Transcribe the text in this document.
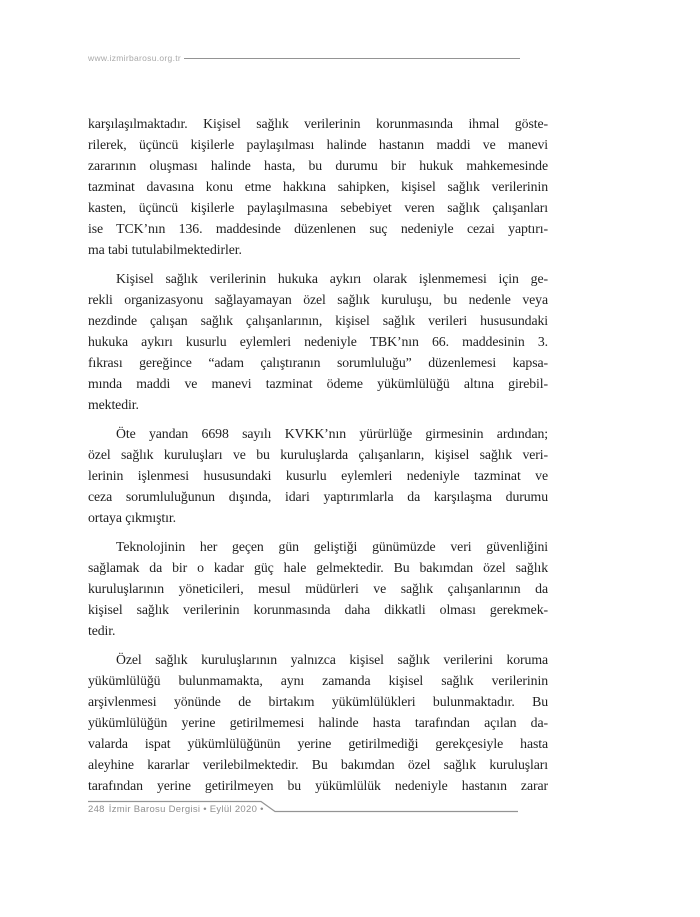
www.izmirbarosu.org.tr
karşılaşılmaktadır. Kişisel sağlık verilerinin korunmasında ihmal göste-
rilerek, üçüncü kişilerle paylaşılması halinde hastanın maddi ve manevi
zararının oluşması halinde hasta, bu durumu bir hukuk mahkemesinde
tazminat davasına konu etme hakkına sahipken, kişisel sağlık verilerinin
kasten, üçüncü kişilerle paylaşılmasına sebebiyet veren sağlık çalışanları
ise TCK’nın 136. maddesinde düzenlenen suç nedeniyle cezai yaptırı-
ma tabi tutulabilmektedirler.
Kişisel sağlık verilerinin hukuka aykırı olarak işlenmemesi için ge-
rekli organizasyonu sağlayamayan özel sağlık kuruluşu, bu nedenle veya
nezdinde çalışan sağlık çalışanlarının, kişisel sağlık verileri hususundaki
hukuka aykırı kusurlu eylemleri nedeniyle TBK’nın 66. maddesinin 3.
fıkrası gereğince “adam çalıştıranın sorumluluğu” düzenlemesi kapsa-
mında maddi ve manevi tazminat ödeme yükümlülüğü altına girebil-
mektedir.
Öte yandan 6698 sayılı KVKK’nın yürürlüğe girmesinin ardından;
özel sağlık kuruluşları ve bu kuruluşlarda çalışanların, kişisel sağlık veri-
lerinin işlenmesi hususundaki kusurlu eylemleri nedeniyle tazminat ve
ceza sorumluluğunun dışında, idari yaptırımlarla da karşılaşma durumu
ortaya çıkmıştır.
Teknolojinin her geçen gün geliştiği günümüzde veri güvenliğini
sağlamak da bir o kadar güç hale gelmektedir. Bu bakımdan özel sağlık
kuruluşlarının yöneticileri, mesul müdürleri ve sağlık çalışanlarının da
kişisel sağlık verilerinin korunmasında daha dikkatli olması gerekmek-
tedir.
Özel sağlık kuruluşlarının yalnızca kişisel sağlık verilerini koruma
yükümlülüğü bulunmamakta, aynı zamanda kişisel sağlık verilerinin
arşivlenmesi yönünde de birtakım yükümlülükleri bulunmaktadır. Bu
yükümlülüğün yerine getirilmemesi halinde hasta tarafından açılan da-
valarda ispat yükümlülüğünün yerine getirilmediği gerekçesiyle hasta
aleyhine kararlar verilebilmektedir. Bu bakımdan özel sağlık kuruluşları
tarafından yerine getirilmeyen bu yükümlülük nedeniyle hastanın zarar
248 İzmir Barosu Dergisi • Eylül 2020 •
